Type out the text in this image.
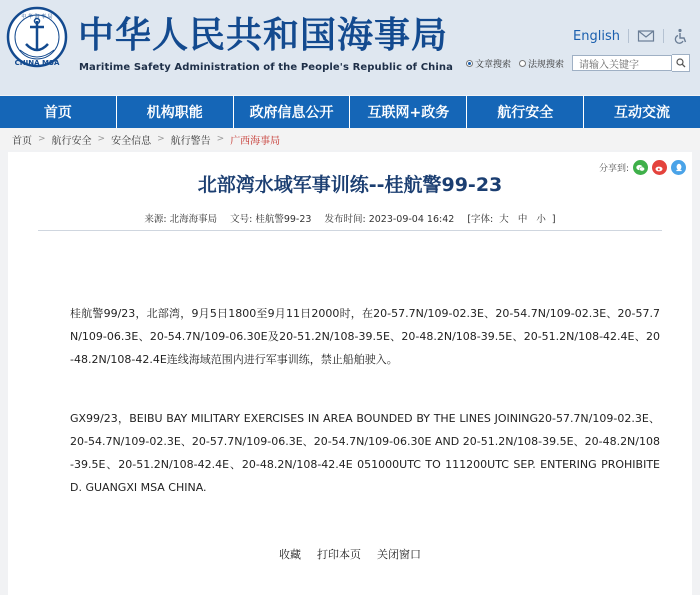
中 华 海 事 局
CHINA MSA
中华人民共和国海事局
Maritime Safety Administration of the People's Republic of China
English
文章搜索 法规搜索	请输入关键字
首页	机构职能	政府信息公开	互联网+政务	航行安全	互动交流
首页 > 航行安全 > 安全信息 > 航行警告 > 广西海事局
分享到:
北部湾水域军事训练--桂航警99-23
来源: 北海海事局 文号: 桂航警99-23 发布时间: 2023-09-04 16:42 [字体: 大 中 小 ]
桂航警99/23，北部湾，9月5日1800至9月11日2000时，在20-57.7N/109-02.3E、20-54.7N/109-02.3E、20-57.7N/109-06.3E、20-54.7N/109-06.30E及20-51.2N/108-39.5E、20-48.2N/108-39.5E、20-51.2N/108-42.4E、20-48.2N/108-42.4E连线海域范围内进行军事训练，禁止船舶驶入。
GX99/23，BEIBU BAY MILITARY EXERCISES IN AREA BOUNDED BY THE LINES JOINING20-57.7N/109-02.3E、20-54.7N/109-02.3E、20-57.7N/109-06.3E、20-54.7N/109-06.30E AND 20-51.2N/108-39.5E、20-48.2N/108-39.5E、20-51.2N/108-42.4E、20-48.2N/108-42.4E 051000UTC TO 111200UTC SEP. ENTERING PROHIBITED. GUANGXI MSA CHINA.
收藏 打印本页 关闭窗口
